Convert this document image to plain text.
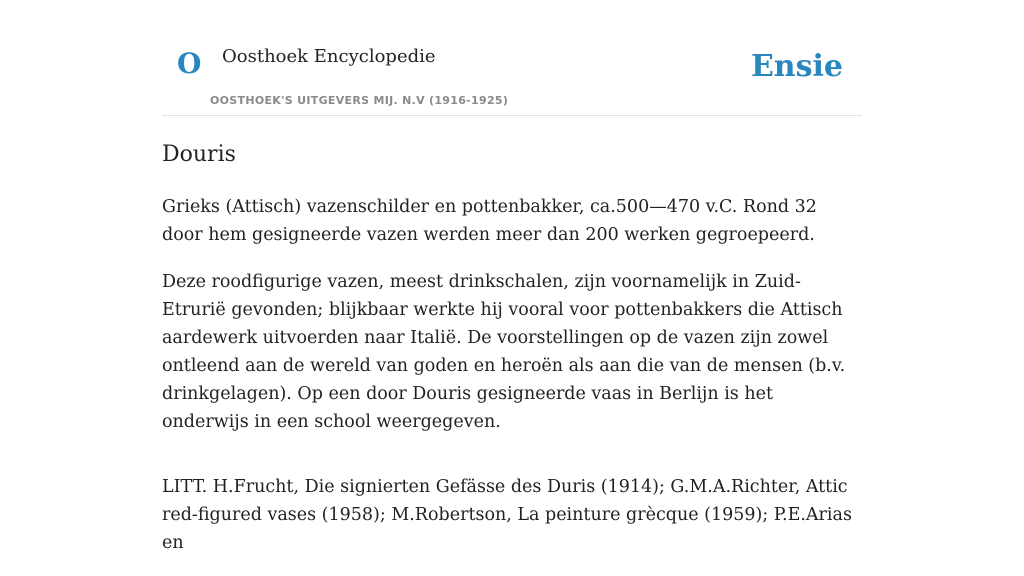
O Oosthoek Encyclopedie
OOSTHOEK'S UITGEVERS MIJ. N.V (1916-1925)
Ensie
Douris

Grieks (Attisch) vazenschilder en pottenbakker, ca.500—470 v.C. Rond 32 door hem gesigneerde vazen werden meer dan 200 werken gegroepeerd.

Deze roodfigurige vazen, meest drinkschalen, zijn voornamelijk in Zuid-Etrurië gevonden; blijkbaar werkte hij vooral voor pottenbakkers die Attisch aardewerk uitvoerden naar Italië. De voorstellingen op de vazen zijn zowel ontleend aan de wereld van goden en heroën als aan die van de mensen (b.v. drinkgelagen). Op een door Douris gesigneerde vaas in Berlijn is het onderwijs in een school weergegeven.

LITT. H.Frucht, Die signierten Gefässe des Duris (1914); G.M.A.Richter, Attic red-figured vases (1958); M.Robertson, La peinture grècque (1959); P.E.Arias en
